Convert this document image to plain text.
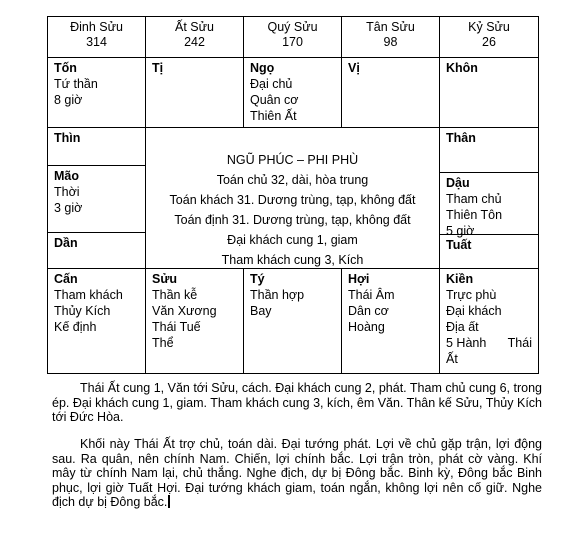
Đinh Sửu
314
Ất Sửu
242
Quý Sửu
170
Tân Sửu
98
Kỷ Sửu
26
Tốn
Tứ thần
8 giờ
Tị	Ngọ
Đại chủ
Quân cơ
Thiên Ất
Vị	Khôn
Thìn
Mão
Thời
3 giờ
Dần
NGŨ PHÚC – PHI PHÙ
Toán chủ 32, dài, hòa trung
Toán khách 31. Dương trùng, tạp, không đất
Toán định 31. Dương trùng, tạp, không đất
Đại khách cung 1, giam
Tham khách cung 3, Kích
Thân
Dậu
Tham chủ
Thiên Tôn
5 giờ
Tuất
Cấn
Tham khách
Thủy Kích
Kế định
Sửu
Thần kễ
Văn Xương
Thái Tuế
Thể
Tý
Thần hợp
Bay
Hợi
Thái Âm
Dân cơ
Hoàng
Kiền
Trực phù
Đại khách
Địa ất
5 Hành Thái
Ất
Thái Ất cung 1, Văn tới Sửu, cách. Đại khách cung 2, phát. Tham chủ cung 6, trong ép. Đại khách cung 1, giam. Tham khách cung 3, kích, êm Văn. Thân kế Sửu, Thủy Kích tới Đức Hòa.
Khối này Thái Ất trợ chủ, toán dài. Đại tướng phát. Lợi về chủ gặp trận, lợi động sau. Ra quân, nên chính Nam. Chiến, lợi chính bắc. Lợi trận tròn, phát cờ vàng. Khí mây từ chính Nam lại, chủ thắng. Nghe địch, dự bị Đông bắc. Binh kỳ, Đông bắc Binh phục, lợi giờ Tuất Hợi. Đại tướng khách giam, toán ngắn, không lợi nên cố giữ. Nghe địch dự bị Đông bắc.
